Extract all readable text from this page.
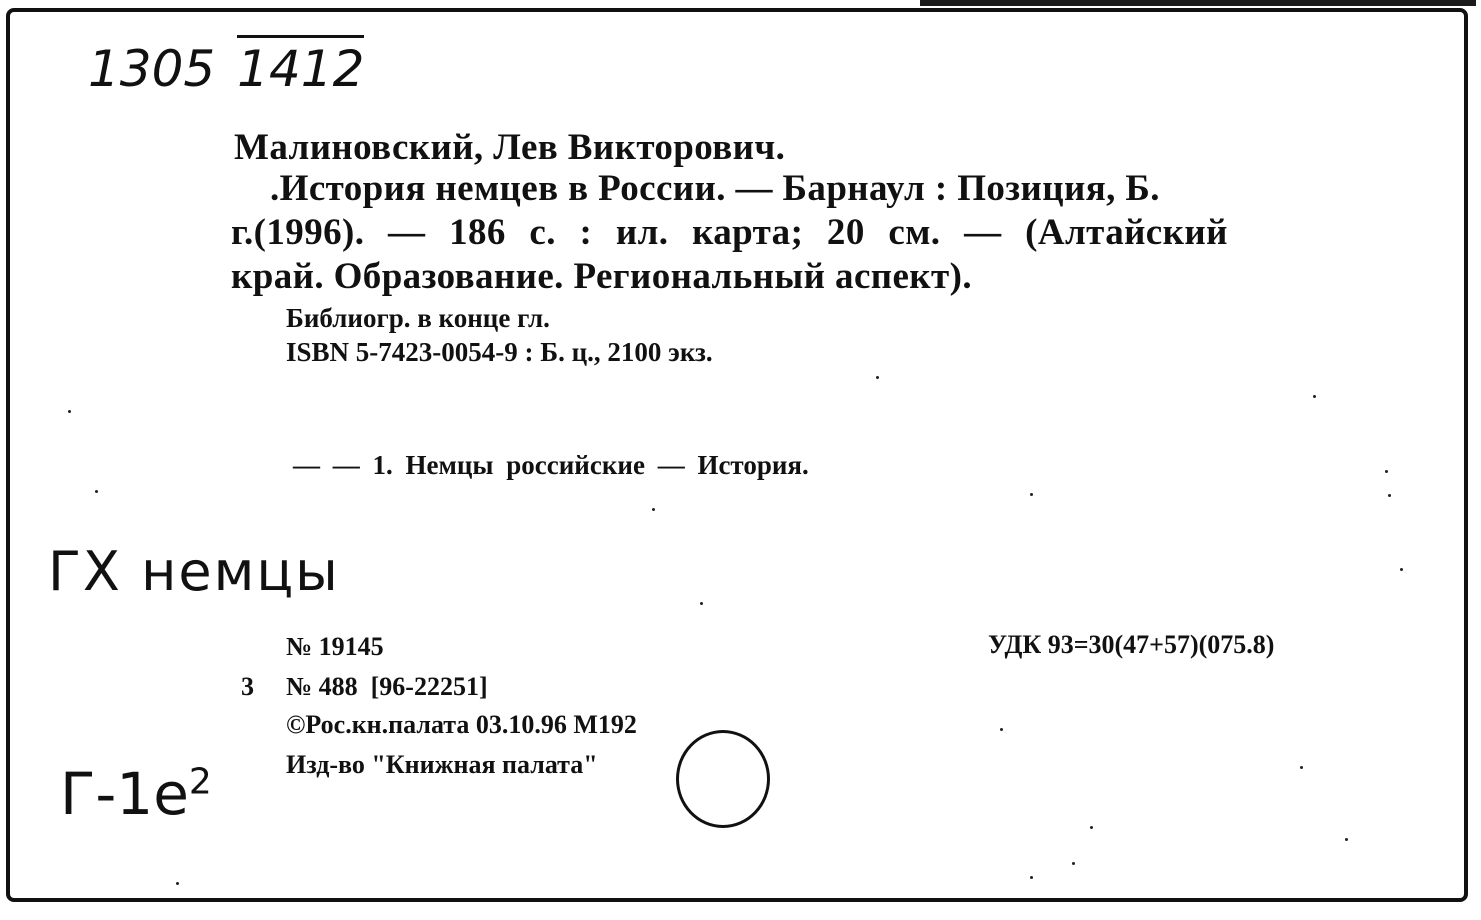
1305 1412
Малиновский, Лев Викторович.
.История немцев в России. — Барнаул : Позиция, Б.
г.(1996). — 186 с. : ил. карта; 20 см. — (Алтайский
край. Образование. Региональный аспект).
Библиогр. в конце гл.
ISBN 5-7423-0054-9 : Б. ц., 2100 экз.
— — 1. Немцы российские — История.
ГХ немцы
№ 19145	УДК 93=30(47+57)(075.8)
3 № 488  [96-22251]
©Рос.кн.палата 03.10.96 М192
Изд-во "Книжная палата"
$Г-1е^2$
